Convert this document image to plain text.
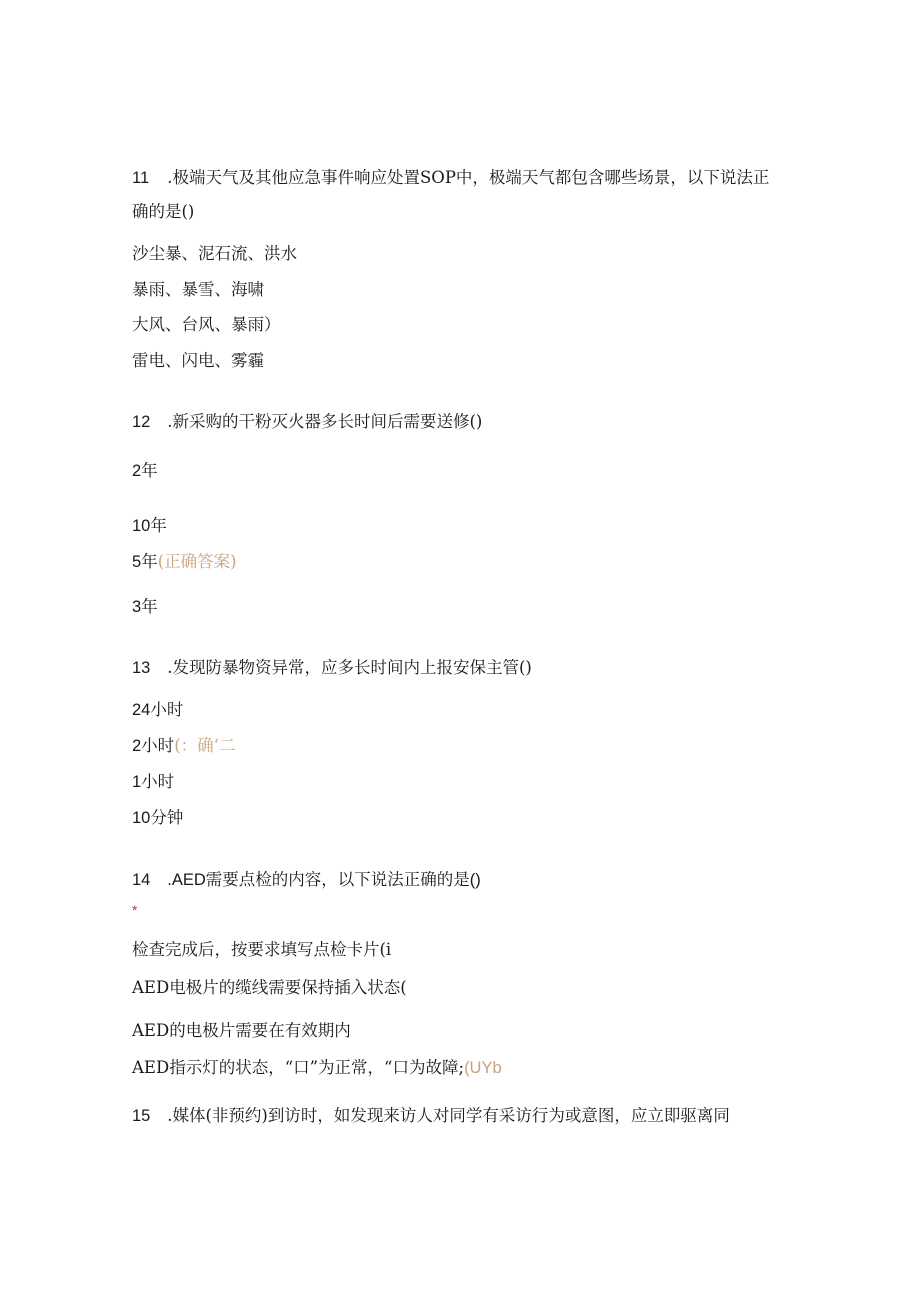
11 .极端天气及其他应急事件响应处置SOP中，极端天气都包含哪些场景，以下说法正
确的是()
沙尘暴、泥石流、洪水
暴雨、暴雪、海啸
大风、台风、暴雨）
雷电、闪电、雾霾
12 .新采购的干粉灭火器多长时间后需要送修()
2年
10年
5年(正确答案)
3年
13 .发现防暴物资异常，应多长时间内上报安保主管()
24小时
2小时(：确‘二
1小时
10分钟
14 .AED需要点检的内容，以下说法正确的是()
*
检查完成后，按要求填写点检卡片(i
AED电极片的缆线需要保持插入状态(
AED的电极片需要在有效期内
AED指示灯的状态，“口”为正常，“口为故障;(UYb
15 .媒体(非预约)到访时，如发现来访人对同学有采访行为或意图，应立即驱离同
